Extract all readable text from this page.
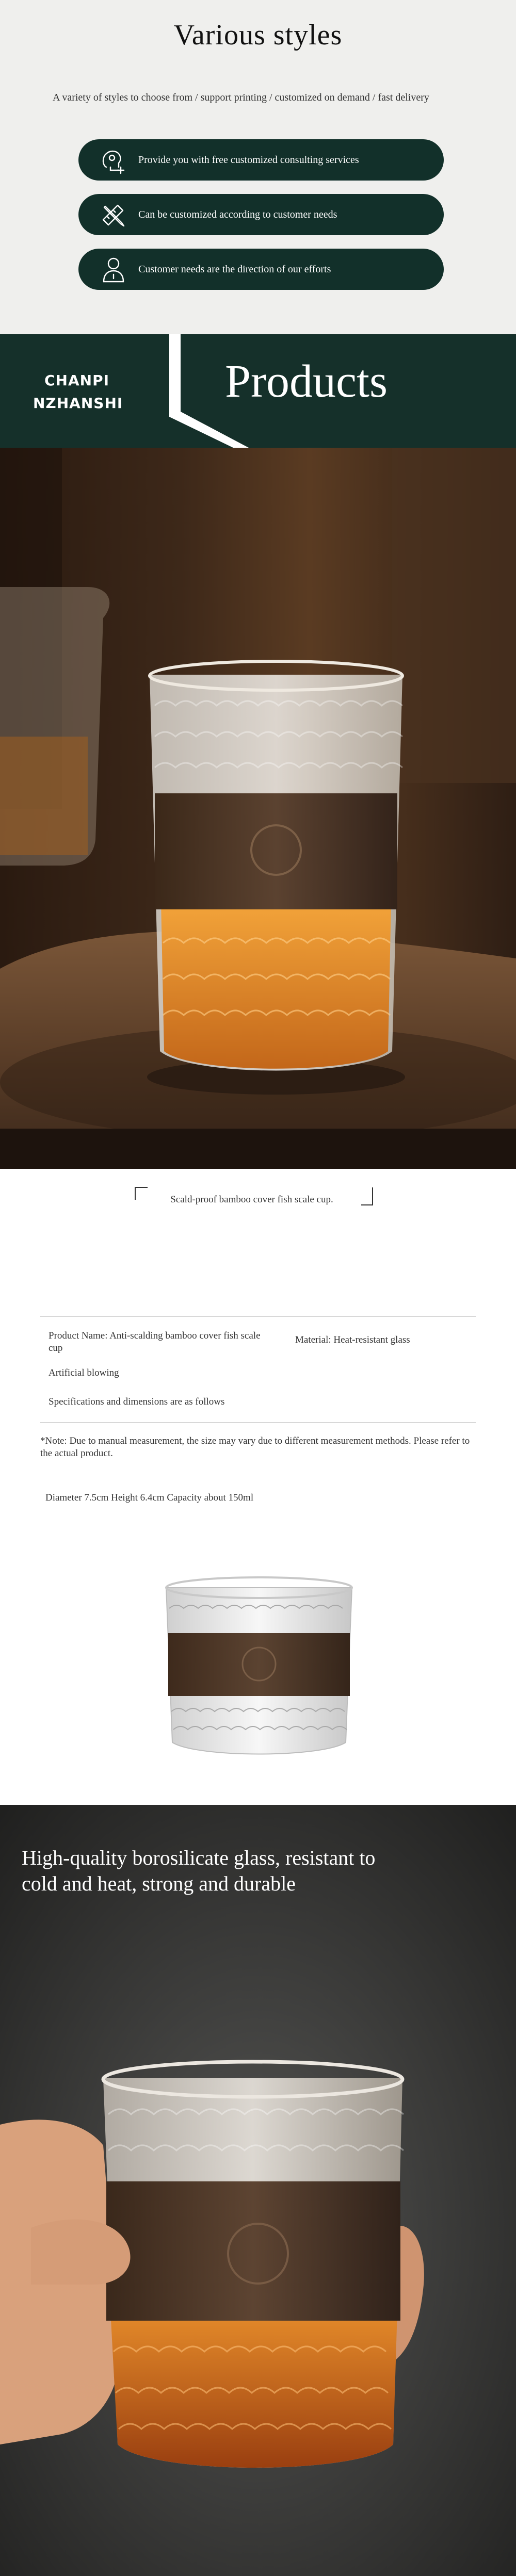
Various styles
A variety of styles to choose from / support printing / customized on demand / fast delivery
Provide you with free customized consulting services
Can be customized according to customer needs
Customer needs are the direction of our efforts
CHANPI
NZHANSHI Products
Scald-proof bamboo cover fish scale cup.
Product Name: Anti-scalding bamboo cover fish scale cup
Material: Heat-resistant glass
Artificial blowing
Specifications and dimensions are as follows
*Note: Due to manual measurement, the size may vary due to different measurement methods. Please refer to the actual product.
Diameter 7.5cm Height 6.4cm Capacity about 150ml
High-quality borosilicate glass, resistant to cold and heat, strong and durable
